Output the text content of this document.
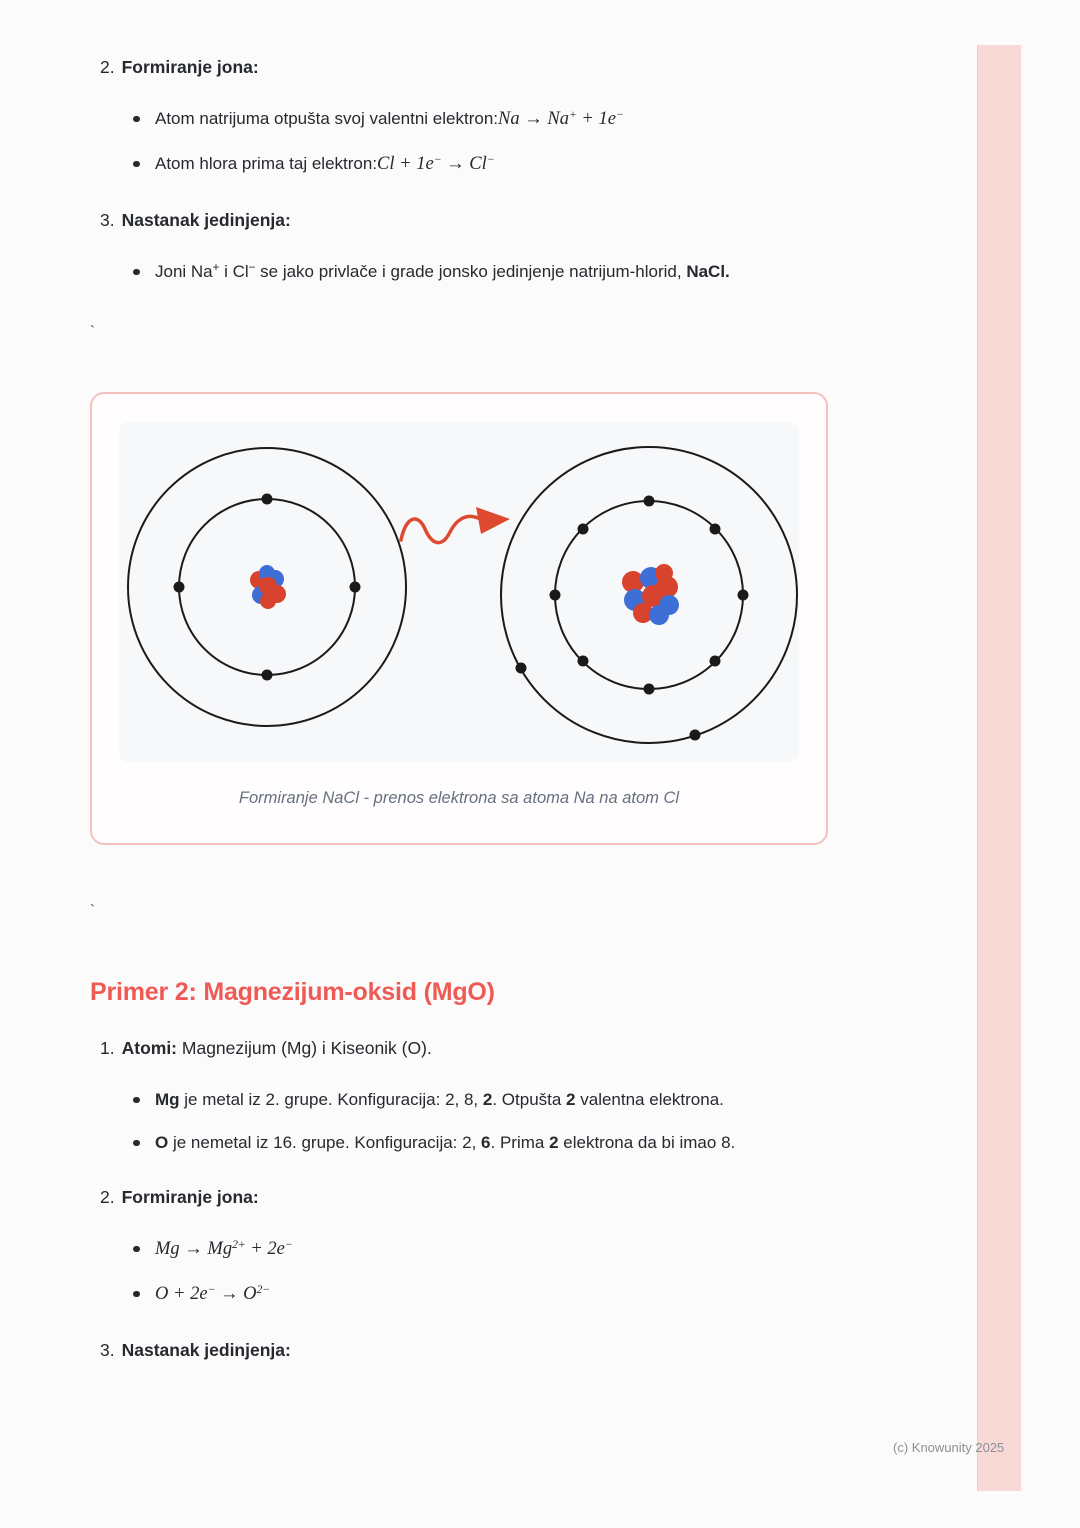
2. Formiranje jona:
Atom natrijuma otpušta svoj valentni elektron:Na → Na+ + 1e−
Atom hlora prima taj elektron:Cl + 1e− → Cl−
3. Nastanak jedinjenja:
Joni Na+ i Cl− se jako privlače i grade jonsko jedinjenje natrijum-hlorid, NaCl.
`
Formiranje NaCl - prenos elektrona sa atoma Na na atom Cl
`
Primer 2: Magnezijum-oksid (MgO)
1. Atomi: Magnezijum (Mg) i Kiseonik (O).
Mg je metal iz 2. grupe. Konfiguracija: 2, 8, 2. Otpušta 2 valentna elektrona.
O je nemetal iz 16. grupe. Konfiguracija: 2, 6. Prima 2 elektrona da bi imao 8.
2. Formiranje jona:
$Mg \to Mg^{2+} + 2e^-$
$O + 2e^- \to O^{2-}$
3. Nastanak jedinjenja:
(c) Knowunity 2025
